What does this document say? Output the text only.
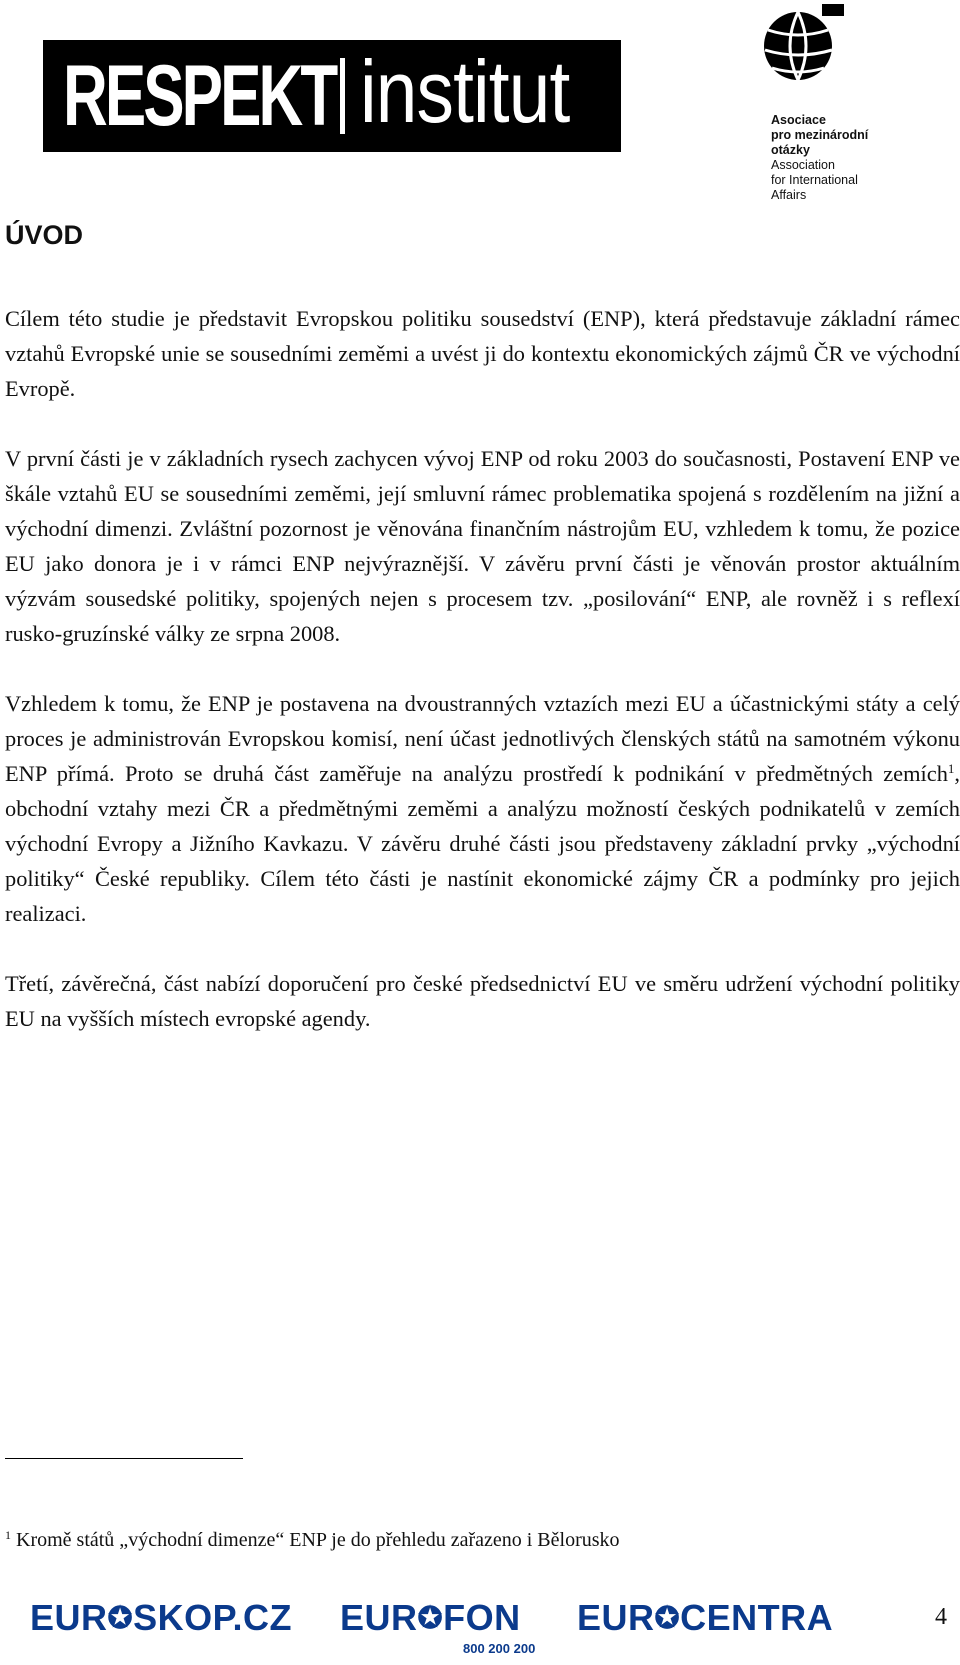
RESPEKT institut	Asociace
pro mezinárodní
otázky
Association
for International
Affairs
ÚVOD

Cílem této studie je představit Evropskou politiku sousedství (ENP), která představuje základní rámec vztahů Evropské unie se sousedními zeměmi a uvést ji do kontextu ekonomických zájmů ČR ve východní Evropě.

V první části je v základních rysech zachycen vývoj ENP od roku 2003 do současnosti, Postavení ENP ve škále vztahů EU se sousedními zeměmi, její smluvní rámec problematika spojená s rozdělením na jižní a východní dimenzi. Zvláštní pozornost je věnována finančním nástrojům EU, vzhledem k tomu, že pozice EU jako donora je i v rámci ENP nejvýraznější. V závěru první části je věnován prostor aktuálním výzvám sousedské politiky, spojených nejen s procesem tzv. „posilování“ ENP, ale rovněž i s reflexí rusko-gruzínské války ze srpna 2008.

Vzhledem k tomu, že ENP je postavena na dvoustranných vztazích mezi EU a účastnickými státy a celý proces je administrován Evropskou komisí, není účast jednotlivých členských států na samotném výkonu ENP přímá. Proto se druhá část zaměřuje na analýzu prostředí k podnikání v předmětných zemích$^1$, obchodní vztahy mezi ČR a předmětnými zeměmi a analýzu možností českých podnikatelů v zemích východní Evropy a Jižního Kavkazu. V závěru druhé části jsou představeny základní prvky „východní politiky“ České republiky. Cílem této části je nastínit ekonomické zájmy ČR a podmínky pro jejich realizaci.

Třetí, závěrečná, část nabízí doporučení pro české předsednictví EU ve směru udržení východní politiky EU na vyšších místech evropské agendy.

$^1$ Kromě států „východní dimenze“ ENP je do přehledu zařazeno i Bělorusko
EUR✪SKOP.CZ EUR✪FON
800 200 200
EUR✪CENTRA	4
